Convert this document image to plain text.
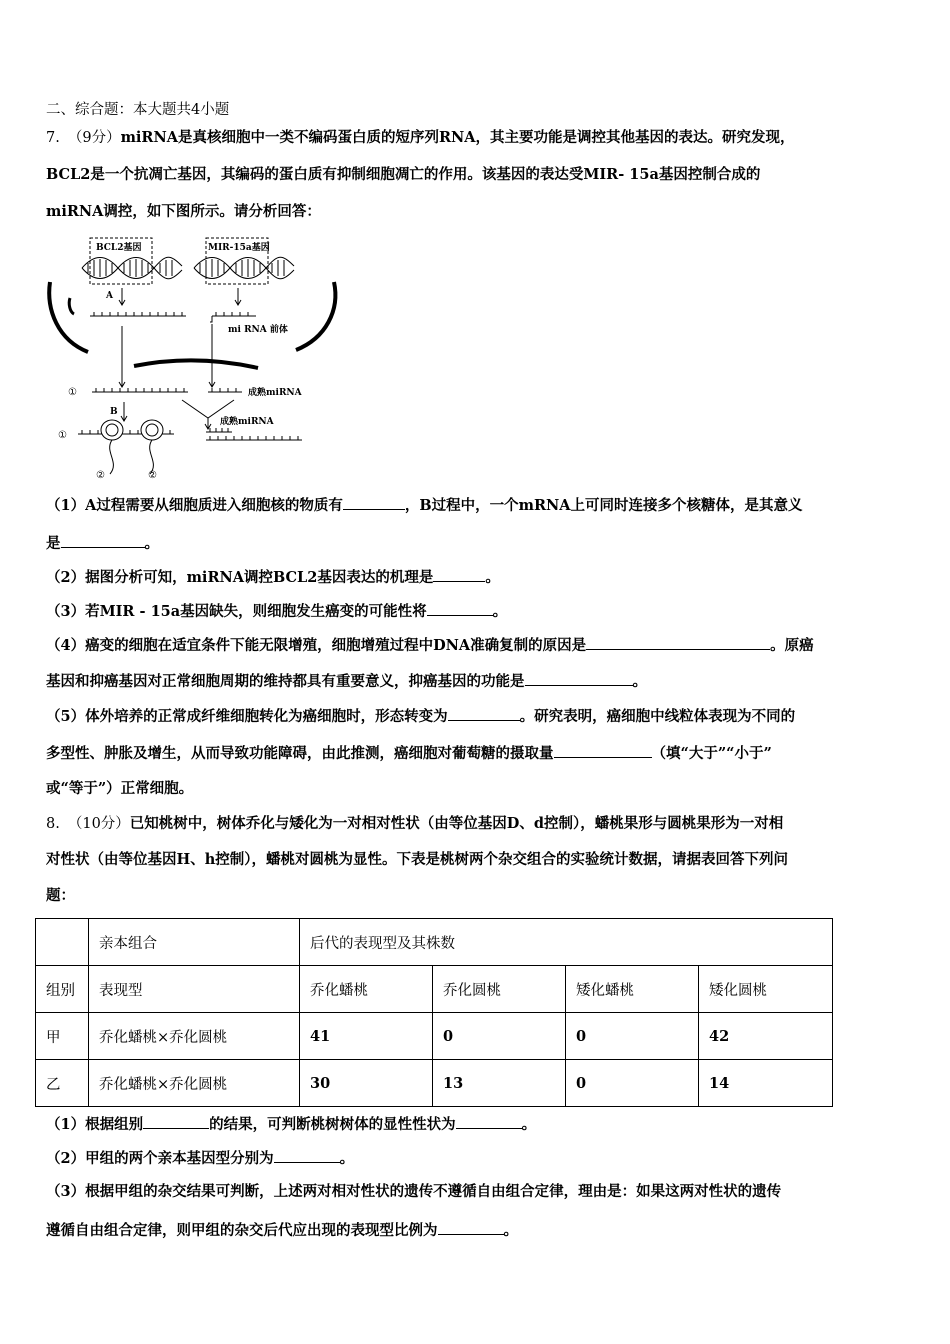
二、综合题：本大题共4小题
7. （9分）miRNA是真核细胞中一类不编码蛋白质的短序列RNA，其主要功能是调控其他基因的表达。研究发现，
BCL2是一个抗凋亡基因，其编码的蛋白质有抑制细胞凋亡的作用。该基因的表达受MIR- 15a基因控制合成的
miRNA调控，如下图所示。请分析回答：
BCL2基因	MIR-15a基因
A
mi RNA 前体
①	成熟miRNA
B
成熟miRNA
①
②	②
（1）A过程需要从细胞质进入细胞核的物质有	，B过程中，一个mRNA上可同时连接多个核糖体，是其意义
是	。
（2）据图分析可知，miRNA调控BCL2基因表达的机理是	。
（3）若MIR - 15a基因缺失，则细胞发生癌变的可能性将	。
（4）癌变的细胞在适宜条件下能无限增殖，细胞增殖过程中DNA准确复制的原因是	。原癌
基因和抑癌基因对正常细胞周期的维持都具有重要意义，抑癌基因的功能是	。
（5）体外培养的正常成纤维细胞转化为癌细胞时，形态转变为	。研究表明，癌细胞中线粒体表现为不同的
多型性、肿胀及增生，从而导致功能障碍，由此推测，癌细胞对葡萄糖的摄取量	（填“大于”“小于”
或“等于”）正常细胞。
8. （10分）已知桃树中，树体乔化与矮化为一对相对性状（由等位基因D、d控制），蟠桃果形与圆桃果形为一对相
对性状（由等位基因H、h控制），蟠桃对圆桃为显性。下表是桃树两个杂交组合的实验统计数据，请据表回答下列问
题：
	亲本组合	后代的表现型及其株数			
组别	表现型	乔化蟠桃	乔化圆桃	矮化蟠桃	矮化圆桃
甲	乔化蟠桃×乔化圆桃	41	0	0	42
乙	乔化蟠桃×乔化圆桃	30	13	0	14
（1）根据组别	的结果，可判断桃树树体的显性性状为	。
（2）甲组的两个亲本基因型分别为	。
（3）根据甲组的杂交结果可判断，上述两对相对性状的遗传不遵循自由组合定律，理由是：如果这两对性状的遗传
遵循自由组合定律，则甲组的杂交后代应出现的表现型比例为	。
